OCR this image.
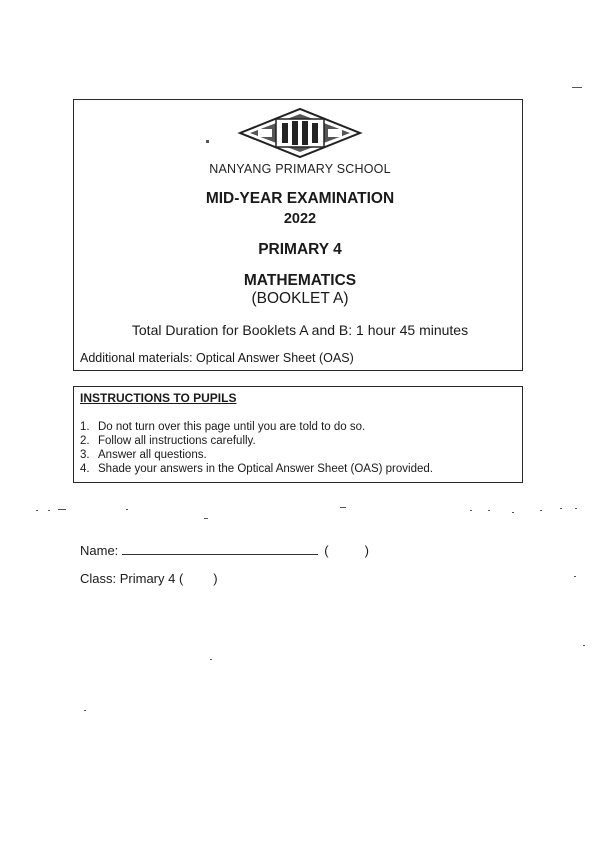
NANYANG PRIMARY SCHOOL
MID-YEAR EXAMINATION
2022
PRIMARY 4
MATHEMATICS
(BOOKLET A)
Total Duration for Booklets A and B: 1 hour 45 minutes
Additional materials: Optical Answer Sheet (OAS)
INSTRUCTIONS TO PUPILS
1. Do not turn over this page until you are told to do so.
2. Follow all instructions carefully.
3. Answer all questions.
4. Shade your answers in the Optical Answer Sheet (OAS) provided.
Name:	(	)
Class: Primary 4 ( )
